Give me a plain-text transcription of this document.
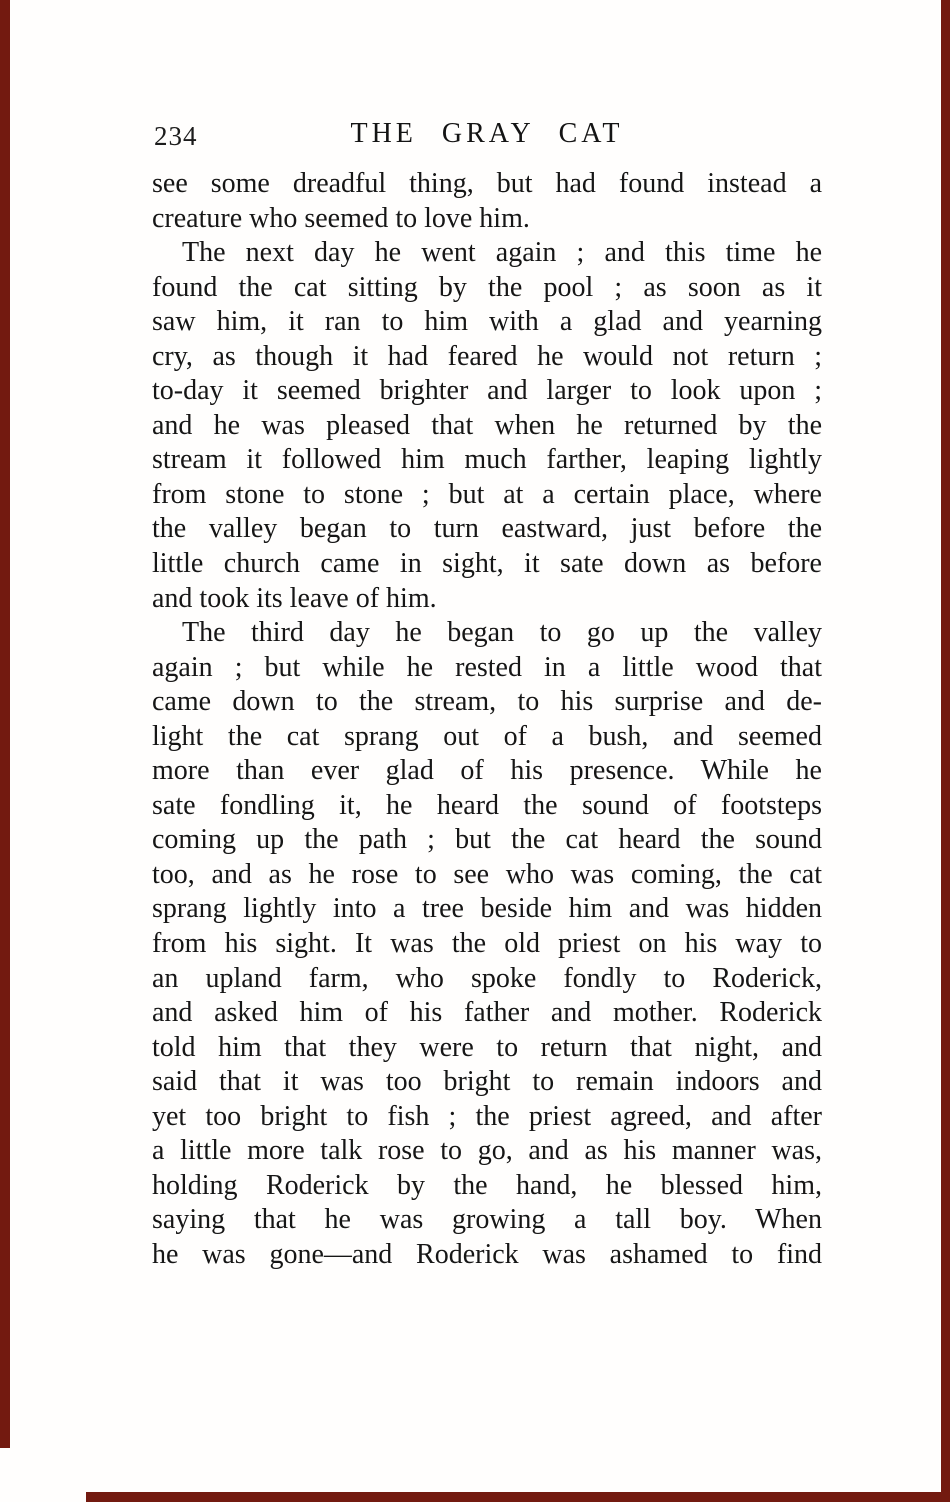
234	THE GRAY CAT
see some dreadful thing, but had found instead a
creature who seemed to love him.
The next day he went again ; and this time he
found the cat sitting by the pool ; as soon as it
saw him, it ran to him with a glad and yearning
cry, as though it had feared he would not return ;
to-day it seemed brighter and larger to look upon ;
and he was pleased that when he returned by the
stream it followed him much farther, leaping lightly
from stone to stone ; but at a certain place, where
the valley began to turn eastward, just before the
little church came in sight, it sate down as before
and took its leave of him.
The third day he began to go up the valley
again ; but while he rested in a little wood that
came down to the stream, to his surprise and de-
light the cat sprang out of a bush, and seemed
more than ever glad of his presence. While he
sate fondling it, he heard the sound of footsteps
coming up the path ; but the cat heard the sound
too, and as he rose to see who was coming, the cat
sprang lightly into a tree beside him and was hidden
from his sight. It was the old priest on his way to
an upland farm, who spoke fondly to Roderick,
and asked him of his father and mother. Roderick
told him that they were to return that night, and
said that it was too bright to remain indoors and
yet too bright to fish ; the priest agreed, and after
a little more talk rose to go, and as his manner was,
holding Roderick by the hand, he blessed him,
saying that he was growing a tall boy. When
he was gone—and Roderick was ashamed to find
